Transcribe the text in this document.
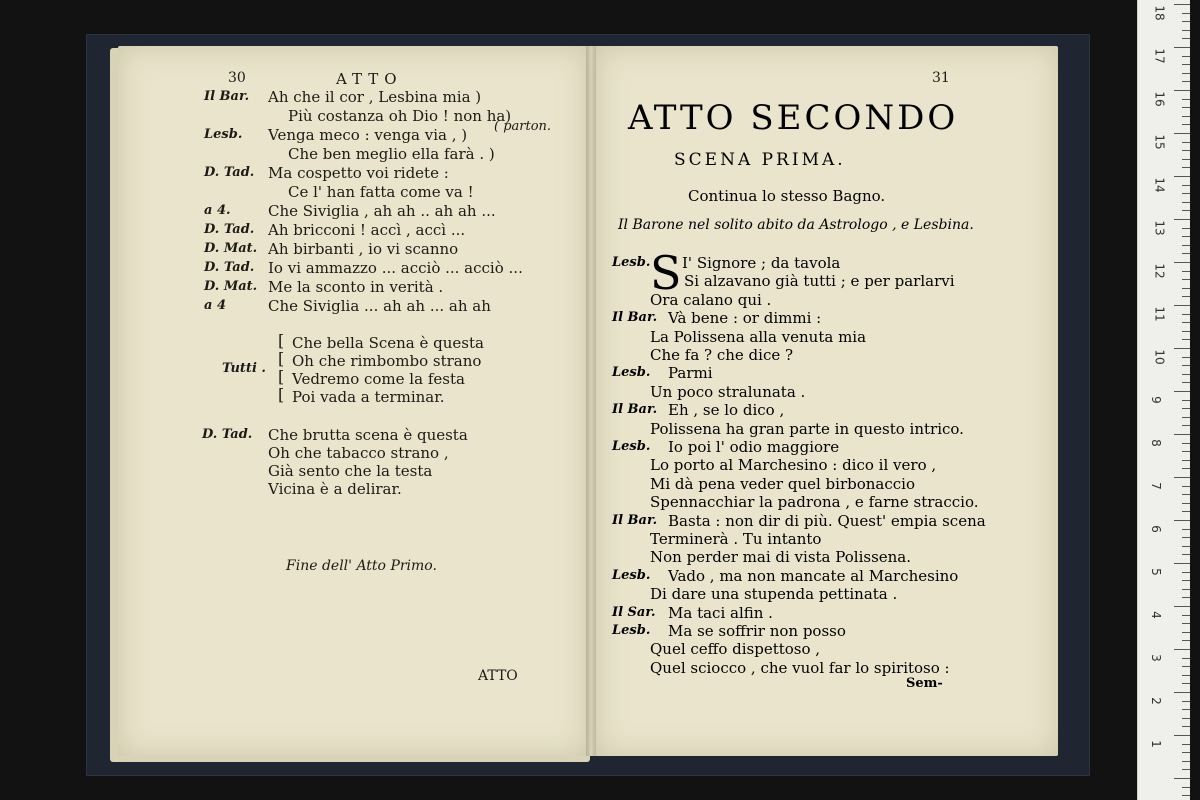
30	ATTO
( parton.
Tutti .
[
[
[
[
D. Tad.
Fine dell' Atto Primo.
ATTO
Il Bar. Ah che il cor , Lesbina mia )
Più costanza oh Dio ! non ha)
Lesb. Venga meco : venga via , )
Che ben meglio ella farà . )
D. Tad. Ma cospetto voi ridete :
Ce l' han fatta come va !
a 4. Che Siviglia , ah ah .. ah ah ...
D. Tad. Ah bricconi ! accì , accì ...
D. Mat. Ah birbanti , io vi scanno
D. Tad. Io vi ammazzo ... acciò ... acciò ...
D. Mat. Me la sconto in verità .
a 4	Che Siviglia ... ah ah ... ah ah
Che bella Scena è questa
Oh che rimbombo strano
Vedremo come la festa
Poi vada a terminar.
Che brutta scena è questa
Oh che tabacco strano ,
Già sento che la testa
Vicina è a delirar.
31
ATTO SECONDO
SCENA PRIMA.
Continua lo stesso Bagno.
Il Barone nel solito abito da Astrologo , e Lesbina.
S
Sem-
18
17
16
15
14
13
12
11
10
9
8
7
6
5
4
3
2
1
Lesb. I' Signore ; da tavola
Si alzavano già tutti ; e per parlarvi
Ora calano qui .
Il Bar. Và bene : or dimmi :
La Polissena alla venuta mia
Che fa ? che dice ?
Lesb. Parmi
Un poco stralunata .
Il Bar. Eh , se lo dico ,
Polissena ha gran parte in questo intrico.
Lesb. Io poi l' odio maggiore
Lo porto al Marchesino : dico il vero ,
Mi dà pena veder quel birbonaccio
Spennacchiar la padrona , e farne straccio.
Il Bar. Basta : non dir di più. Quest' empia scena
Terminerà . Tu intanto
Non perder mai di vista Polissena.
Lesb. Vado , ma non mancate al Marchesino
Di dare una stupenda pettinata .
Il Sar. Ma taci alfin .
Lesb. Ma se soffrir non posso
Quel ceffo dispettoso ,
Quel sciocco , che vuol far lo spiritoso :
